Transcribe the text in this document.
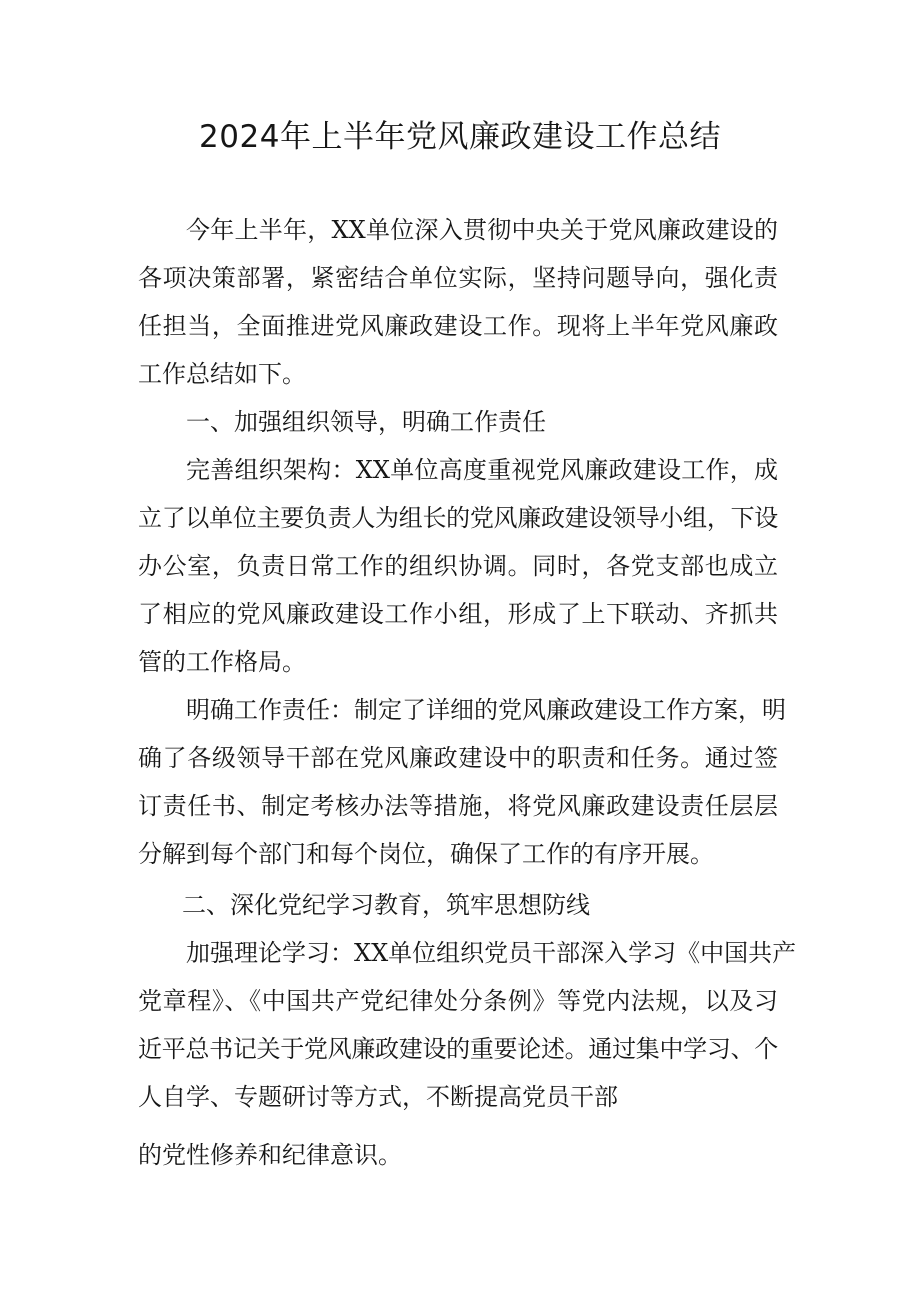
2024年上半年党风廉政建设工作总结
今年上半年，XX单位深入贯彻中央关于党风廉政建设的
各项决策部署，紧密结合单位实际，坚持问题导向，强化责
任担当，全面推进党风廉政建设工作。现将上半年党风廉政
工作总结如下。
一、加强组织领导，明确工作责任
完善组织架构：XX单位高度重视党风廉政建设工作，成
立了以单位主要负责人为组长的党风廉政建设领导小组，下设
办公室，负责日常工作的组织协调。同时，各党支部也成立
了相应的党风廉政建设工作小组，形成了上下联动、齐抓共
管的工作格局。
明确工作责任：制定了详细的党风廉政建设工作方案，明
确了各级领导干部在党风廉政建设中的职责和任务。通过签
订责任书、制定考核办法等措施，将党风廉政建设责任层层
分解到每个部门和每个岗位，确保了工作的有序开展。
二、深化党纪学习教育，筑牢思想防线
加强理论学习：XX单位组织党员干部深入学习《中国共产
党章程》、《中国共产党纪律处分条例》等党内法规，以及习
近平总书记关于党风廉政建设的重要论述。通过集中学习、个
人自学、专题研讨等方式，不断提高党员干部
的党性修养和纪律意识。
